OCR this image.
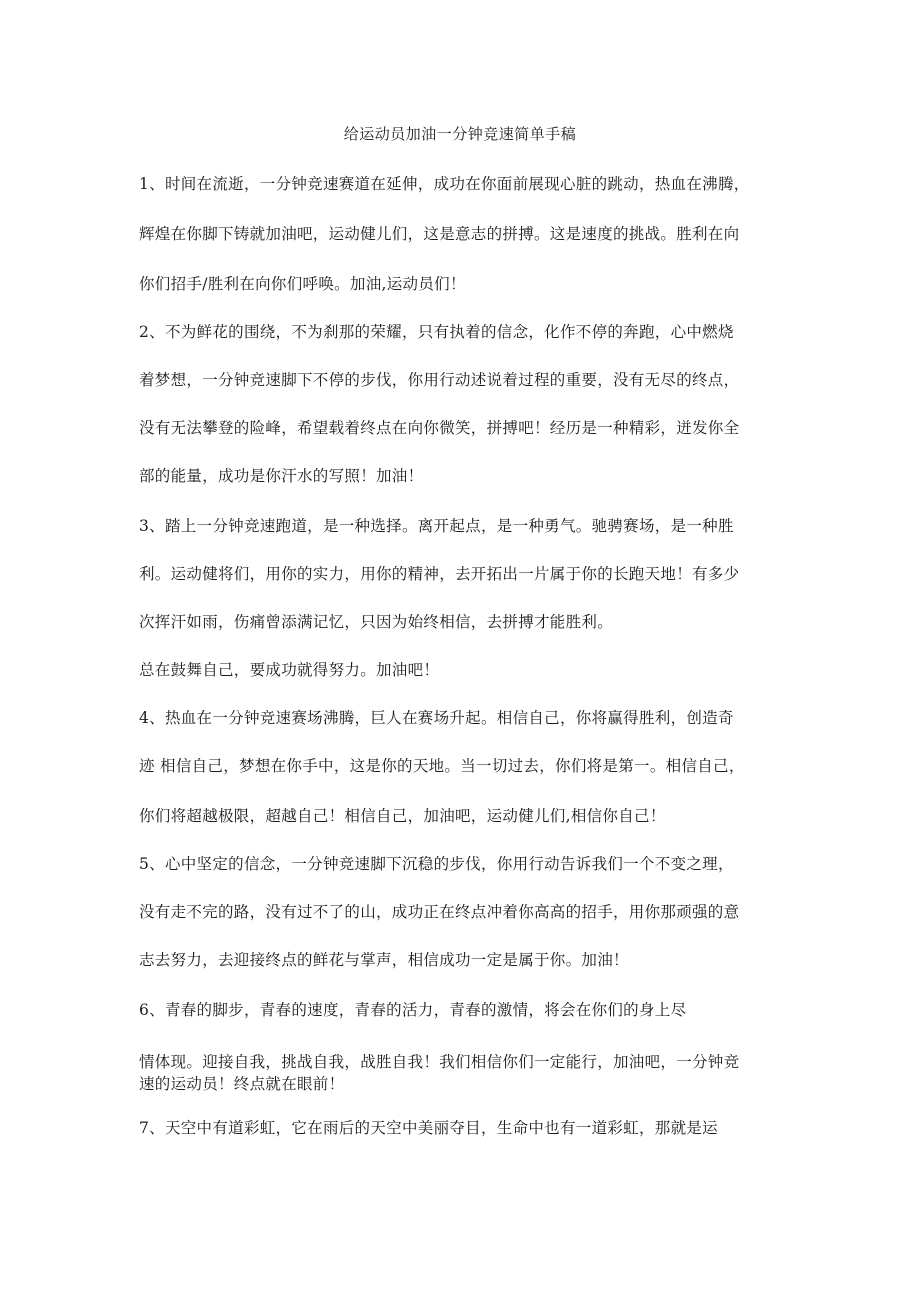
给运动员加油一分钟竞速简单手稿
1、时间在流逝，一分钟竞速赛道在延伸，成功在你面前展现心脏的跳动，热血在沸腾，
辉煌在你脚下铸就加油吧，运动健儿们，这是意志的拼搏。这是速度的挑战。胜利在向
你们招手/胜利在向你们呼唤。加油,运动员们！
2、不为鲜花的围绕，不为刹那的荣耀，只有执着的信念，化作不停的奔跑，心中燃烧
着梦想，一分钟竞速脚下不停的步伐，你用行动述说着过程的重要，没有无尽的终点，
没有无法攀登的险峰，希望载着终点在向你微笑，拼搏吧！经历是一种精彩，迸发你全
部的能量，成功是你汗水的写照！加油！
3、踏上一分钟竞速跑道，是一种选择。离开起点，是一种勇气。驰骋赛场，是一种胜
利。运动健将们，用你的实力，用你的精神，去开拓出一片属于你的长跑天地！有多少
次挥汗如雨，伤痛曾添满记忆，只因为始终相信，去拼搏才能胜利。
总在鼓舞自己，要成功就得努力。加油吧！
4、热血在一分钟竞速赛场沸腾，巨人在赛场升起。相信自己，你将赢得胜利，创造奇
迹 相信自己，梦想在你手中，这是你的天地。当一切过去，你们将是第一。相信自己，
你们将超越极限，超越自己！相信自己，加油吧，运动健儿们,相信你自己！
5、心中坚定的信念，一分钟竞速脚下沉稳的步伐，你用行动告诉我们一个不变之理，
没有走不完的路，没有过不了的山，成功正在终点冲着你高高的招手，用你那顽强的意
志去努力，去迎接终点的鲜花与掌声，相信成功一定是属于你。加油！
6、青春的脚步，青春的速度，青春的活力，青春的激情，将会在你们的身上尽
情体现。迎接自我，挑战自我，战胜自我！我们相信你们一定能行，加油吧，一分钟竞
速的运动员！终点就在眼前！
7、天空中有道彩虹，它在雨后的天空中美丽夺目，生命中也有一道彩虹，那就是运
